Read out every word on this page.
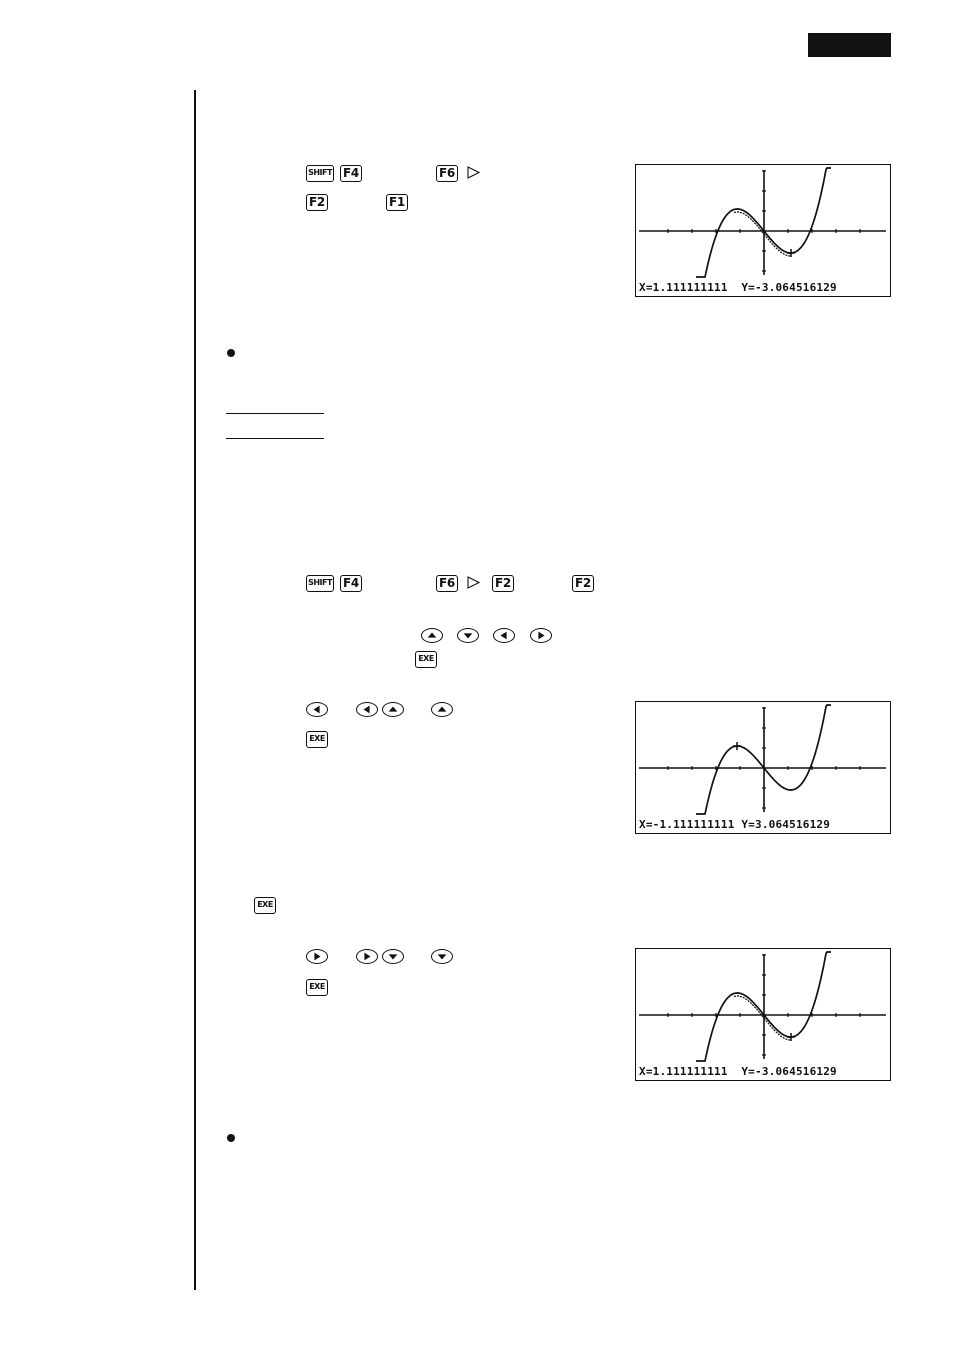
SHIFT F4	F6
F2	F1
X=1.111111111 Y=-3.064516129
SHIFT F4	F6	F2	F2
EXE
EXE
X=-1.111111111 Y=3.064516129
EXE
EXE
X=1.111111111 Y=-3.064516129
